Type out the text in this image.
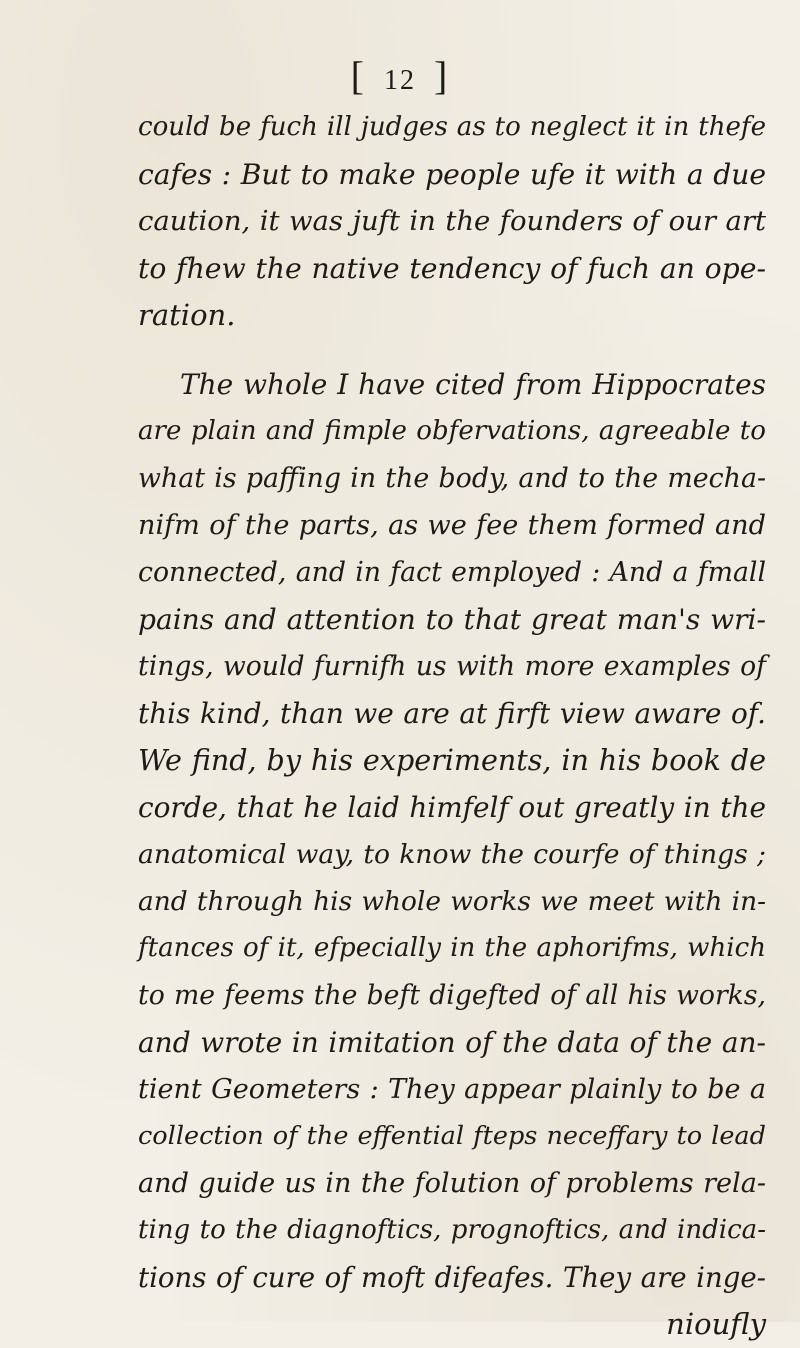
[ 12 ]
could be fuch ill judges as to neglect it in thefe
cafes : But to make people ufe it with a due
caution, it was juft in the founders of our art
to fhew the native tendency of fuch an ope-
ration.
The whole I have cited from Hippocrates
are plain and fimple obfervations, agreeable to
what is paffing in the body, and to the mecha-
nifm of the parts, as we fee them formed and
connected, and in fact employed : And a fmall
pains and attention to that great man's wri-
tings, would furnifh us with more examples of
this kind, than we are at firft view aware of.
We find, by his experiments, in his book de
corde, that he laid himfelf out greatly in the
anatomical way, to know the courfe of things ;
and through his whole works we meet with in-
ftances of it, efpecially in the aphorifms, which
to me feems the beft digefted of all his works,
and wrote in imitation of the data of the an-
tient Geometers : They appear plainly to be a
collection of the effential fteps neceffary to lead
and guide us in the folution of problems rela-
ting to the diagnoftics, prognoftics, and indica-
tions of cure of moft difeafes. They are inge-
nioufly
